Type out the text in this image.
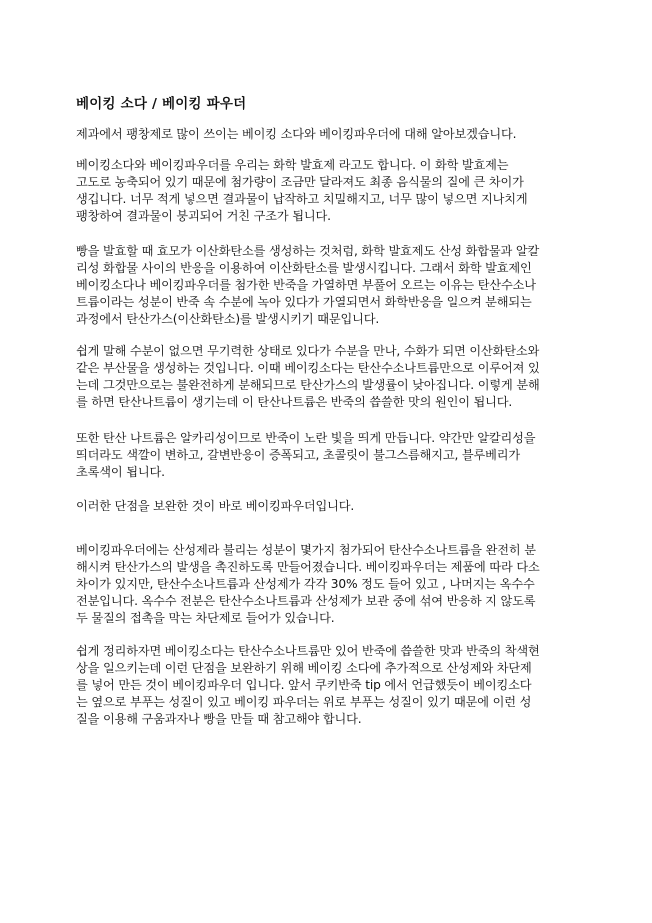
베이킹 소다 / 베이킹 파우더
제과에서 팽창제로 많이 쓰이는 베이킹 소다와 베이킹파우더에 대해 알아보겠습니다.
베이킹소다와 베이킹파우더를 우리는 화학 발효제 라고도 합니다. 이 화학 발효제는
고도로 농축되어 있기 때문에 첨가량이 조금만 달라져도 최종 음식물의 질에 큰 차이가
생깁니다. 너무 적게 넣으면 결과물이 납작하고 치밀해지고, 너무 많이 넣으면 지나치게
팽창하여 결과물이 붕괴되어 거친 구조가 됩니다.
빵을 발효할 때 효모가 이산화탄소를 생성하는 것처럼, 화학 발효제도 산성 화합물과 알칼
리성 화합물 사이의 반응을 이용하여 이산화탄소를 발생시킵니다. 그래서 화학 발효제인
베이킹소다나 베이킹파우더를 첨가한 반죽을 가열하면 부풀어 오르는 이유는 탄산수소나
트륨이라는 성분이 반죽 속 수분에 녹아 있다가 가열되면서 화학반응을 일으켜 분해되는
과정에서 탄산가스(이산화탄소)를 발생시키기 때문입니다.
쉽게 말해 수분이 없으면 무기력한 상태로 있다가 수분을 만나, 수화가 되면 이산화탄소와
같은 부산물을 생성하는 것입니다. 이때 베이킹소다는 탄산수소나트륨만으로 이루어져 있
는데 그것만으로는 불완전하게 분해되므로 탄산가스의 발생률이 낮아집니다. 이렇게 분해
를 하면 탄산나트륨이 생기는데 이 탄산나트륨은 반죽의 씁쓸한 맛의 원인이 됩니다.
또한 탄산 나트륨은 알카리성이므로 반죽이 노란 빛을 띄게 만듭니다. 약간만 알칼리성을
띄더라도 색깔이 변하고, 갈변반응이 증폭되고, 초콜릿이 불그스름해지고, 블루베리가
초록색이 됩니다.
이러한 단점을 보완한 것이 바로 베이킹파우더입니다.
베이킹파우더에는 산성제라 불리는 성분이 몇가지 첨가되어 탄산수소나트륨을 완전히 분
해시켜 탄산가스의 발생을 촉진하도록 만들어졌습니다. 베이킹파우더는 제품에 따라 다소
차이가 있지만, 탄산수소나트륨과 산성제가 각각 30% 정도 들어 있고 , 나머지는 옥수수
전분입니다. 옥수수 전분은 탄산수소나트륨과 산성제가 보관 중에 섞여 반응하 지 않도록
두 물질의 접촉을 막는 차단제로 들어가 있습니다.
쉽게 정리하자면 베이킹소다는 탄산수소나트륨만 있어 반죽에 씁쓸한 맛과 반죽의 착색현
상을 일으키는데 이런 단점을 보완하기 위해 베이킹 소다에 추가적으로 산성제와 차단제
를 넣어 만든 것이 베이킹파우더 입니다. 앞서 쿠키반죽 tip 에서 언급했듯이 베이킹소다
는 옆으로 부푸는 성질이 있고 베이킹 파우더는 위로 부푸는 성질이 있기 때문에 이런 성
질을 이용해 구움과자나 빵을 만들 때 참고해야 합니다.
